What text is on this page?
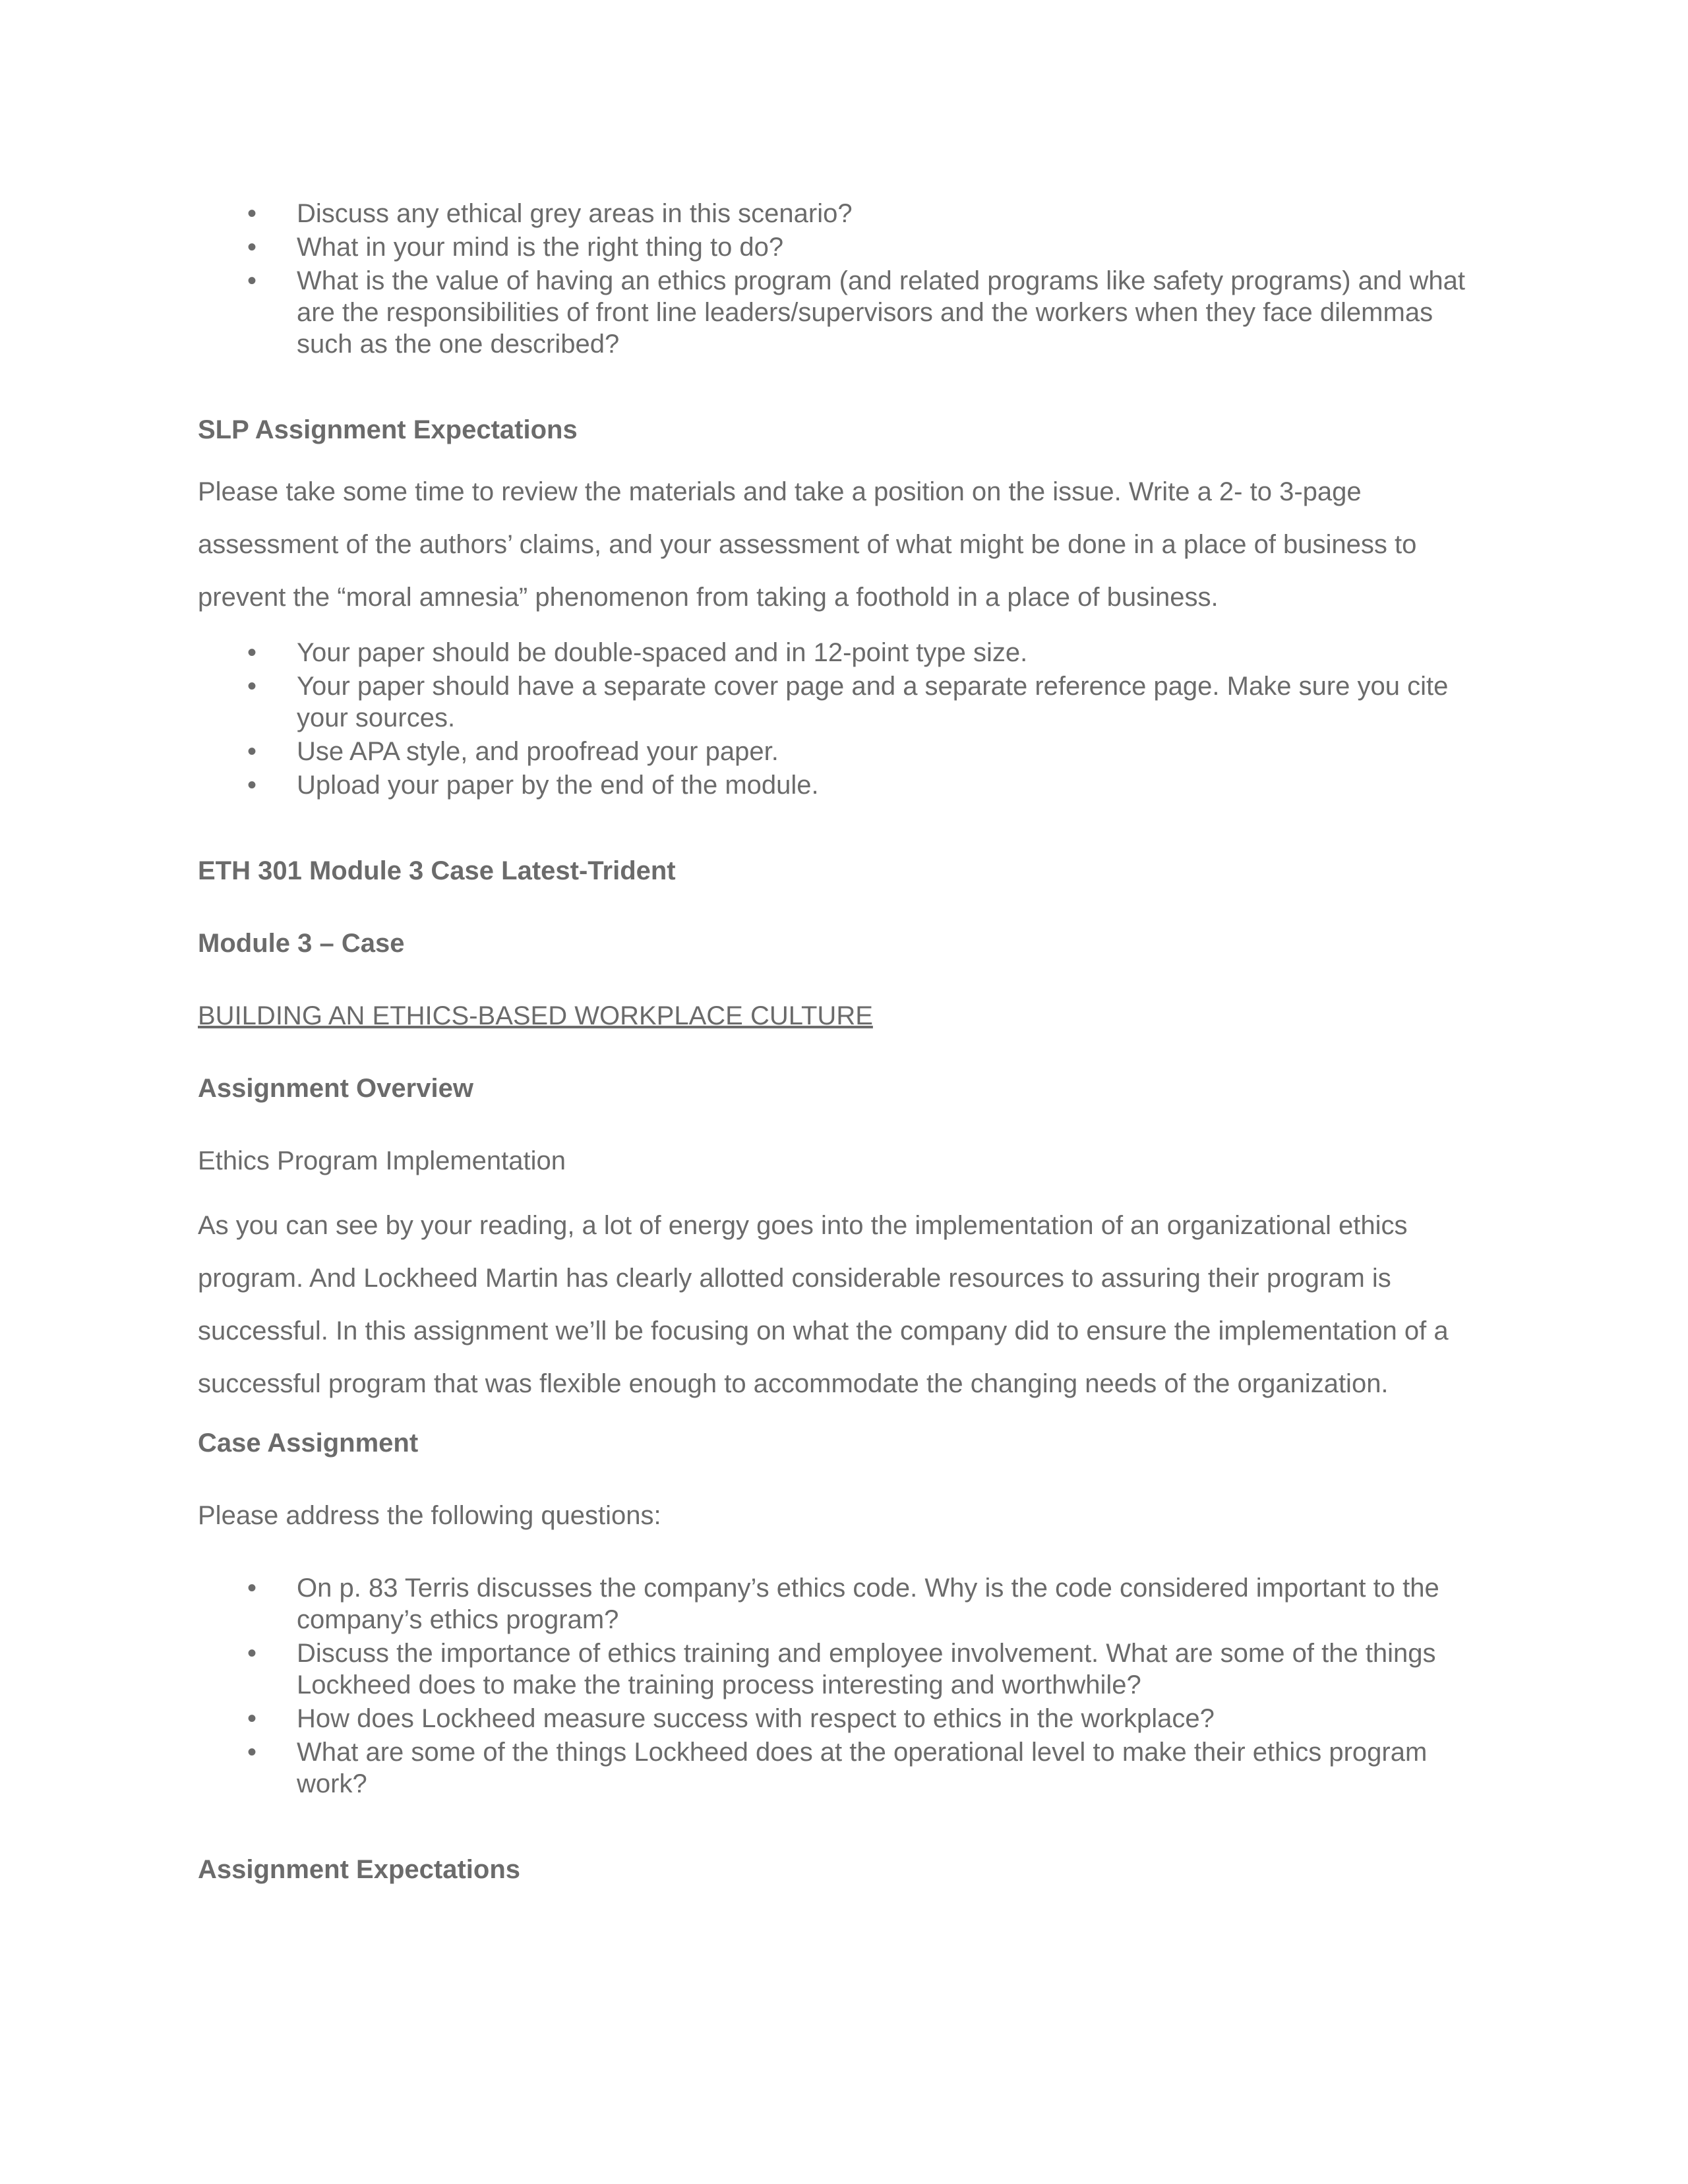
• Discuss any ethical grey areas in this scenario?
• What in your mind is the right thing to do?
• What is the value of having an ethics program (and related programs like safety programs) and what are the responsibilities of front line leaders/supervisors and the workers when they face dilemmas such as the one described?

SLP Assignment Expectations

Please take some time to review the materials and take a position on the issue. Write a 2- to 3-page assessment of the authors’ claims, and your assessment of what might be done in a place of business to prevent the “moral amnesia” phenomenon from taking a foothold in a place of business.

• Your paper should be double-spaced and in 12-point type size.
• Your paper should have a separate cover page and a separate reference page. Make sure you cite your sources.
• Use APA style, and proofread your paper.
• Upload your paper by the end of the module.

ETH 301 Module 3 Case Latest-Trident

Module 3 – Case

BUILDING AN ETHICS-BASED WORKPLACE CULTURE

Assignment Overview

Ethics Program Implementation

As you can see by your reading, a lot of energy goes into the implementation of an organizational ethics program. And Lockheed Martin has clearly allotted considerable resources to assuring their program is successful. In this assignment we’ll be focusing on what the company did to ensure the implementation of a successful program that was flexible enough to accommodate the changing needs of the organization.

Case Assignment

Please address the following questions:

• On p. 83 Terris discusses the company’s ethics code. Why is the code considered important to the company’s ethics program?
• Discuss the importance of ethics training and employee involvement. What are some of the things Lockheed does to make the training process interesting and worthwhile?
• How does Lockheed measure success with respect to ethics in the workplace?
• What are some of the things Lockheed does at the operational level to make their ethics program work?

Assignment Expectations
